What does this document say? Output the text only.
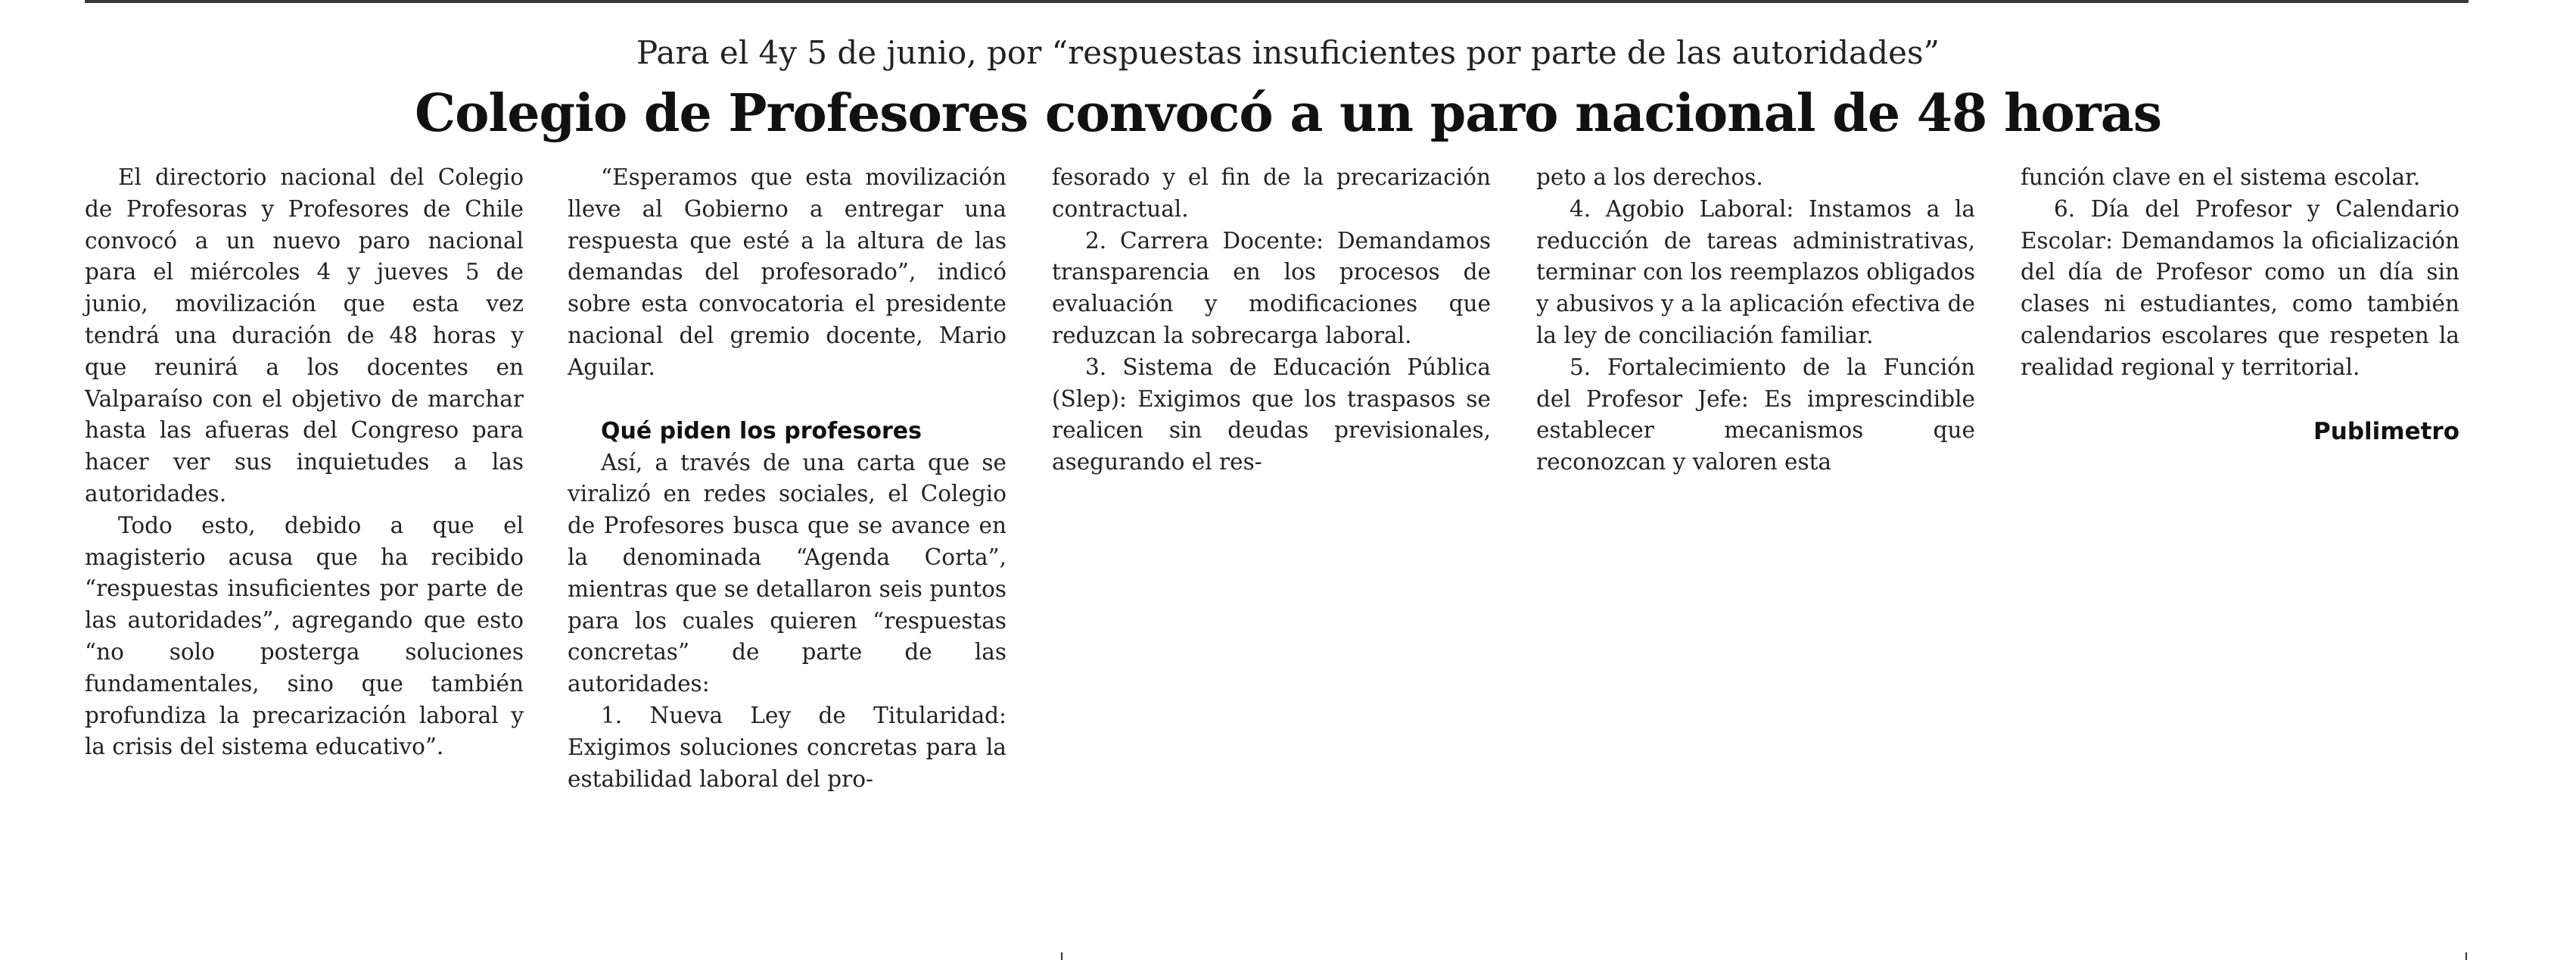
Para el 4y 5 de junio, por “respuestas insuficientes por parte de las autoridades”
Colegio de Profesores convocó a un paro nacional de 48 horas

El directorio nacional del Colegio de Profesoras y Profesores de Chile convocó a un nuevo paro nacional para el miércoles 4 y jueves 5 de junio, movilización que esta vez tendrá una duración de 48 horas y que reunirá a los docentes en Valparaíso con el objetivo de marchar hasta las afueras del Congreso para hacer ver sus inquietudes a las autoridades.

Todo esto, debido a que el magisterio acusa que ha recibido “respuestas insuficientes por parte de las autoridades”, agregando que esto “no solo posterga soluciones fundamentales, sino que también profundiza la precarización laboral y la crisis del sistema educativo”.

“Esperamos que esta movilización lleve al Gobierno a entregar una respuesta que esté a la altura de las demandas del profesorado”, indicó sobre esta convocatoria el presidente nacional del gremio docente, Mario Aguilar.

Qué piden los profesores

Así, a través de una carta que se viralizó en redes sociales, el Colegio de Profesores busca que se avance en la denominada “Agenda Corta”, mientras que se detallaron seis puntos para los cuales quieren “respuestas concretas” de parte de las autoridades:

1. Nueva Ley de Titularidad: Exigimos soluciones concretas para la estabilidad laboral del pro-

fesorado y el fin de la precarización contractual.

2. Carrera Docente: Demandamos transparencia en los procesos de evaluación y modificaciones que reduzcan la sobrecarga laboral.

3. Sistema de Educación Pública (Slep): Exigimos que los traspasos se realicen sin deudas previsionales, asegurando el res-

peto a los derechos.

4. Agobio Laboral: Instamos a la reducción de tareas administrativas, terminar con los reemplazos obligados y abusivos y a la aplicación efectiva de la ley de conciliación familiar.

5. Fortalecimiento de la Función del Profesor Jefe: Es imprescindible establecer mecanismos que reconozcan y valoren esta

función clave en el sistema escolar.

6. Día del Profesor y Calendario Escolar: Demandamos la oficialización del día de Profesor como un día sin clases ni estudiantes, como también calendarios escolares que respeten la realidad regional y territorial.

Publimetro
